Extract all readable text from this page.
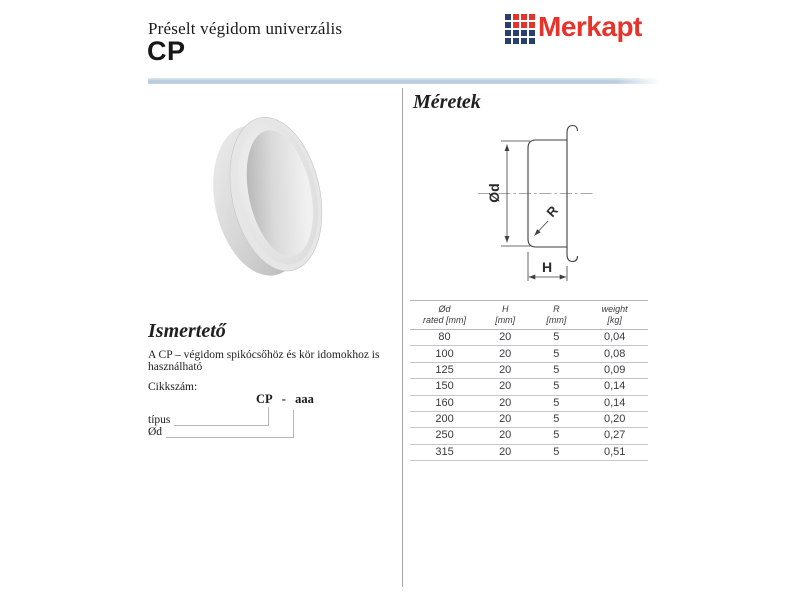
Préselt végidom univerzális
CP
Merkapt
Ismertető
A CP – végidom spikócsőhöz és kör idomokhoz is használható
Cikkszám:
CP - aaa
típus
Ød
Méretek
Ød
R
H
Ød
rated [mm]

H
[mm]

R
[mm]

weight
[kg]

80	20	5	0,04
100	20	5	0,08
125	20	5	0,09
150	20	5	0,14
160	20	5	0,14
200	20	5	0,20
250	20	5	0,27
315	20	5	0,51
